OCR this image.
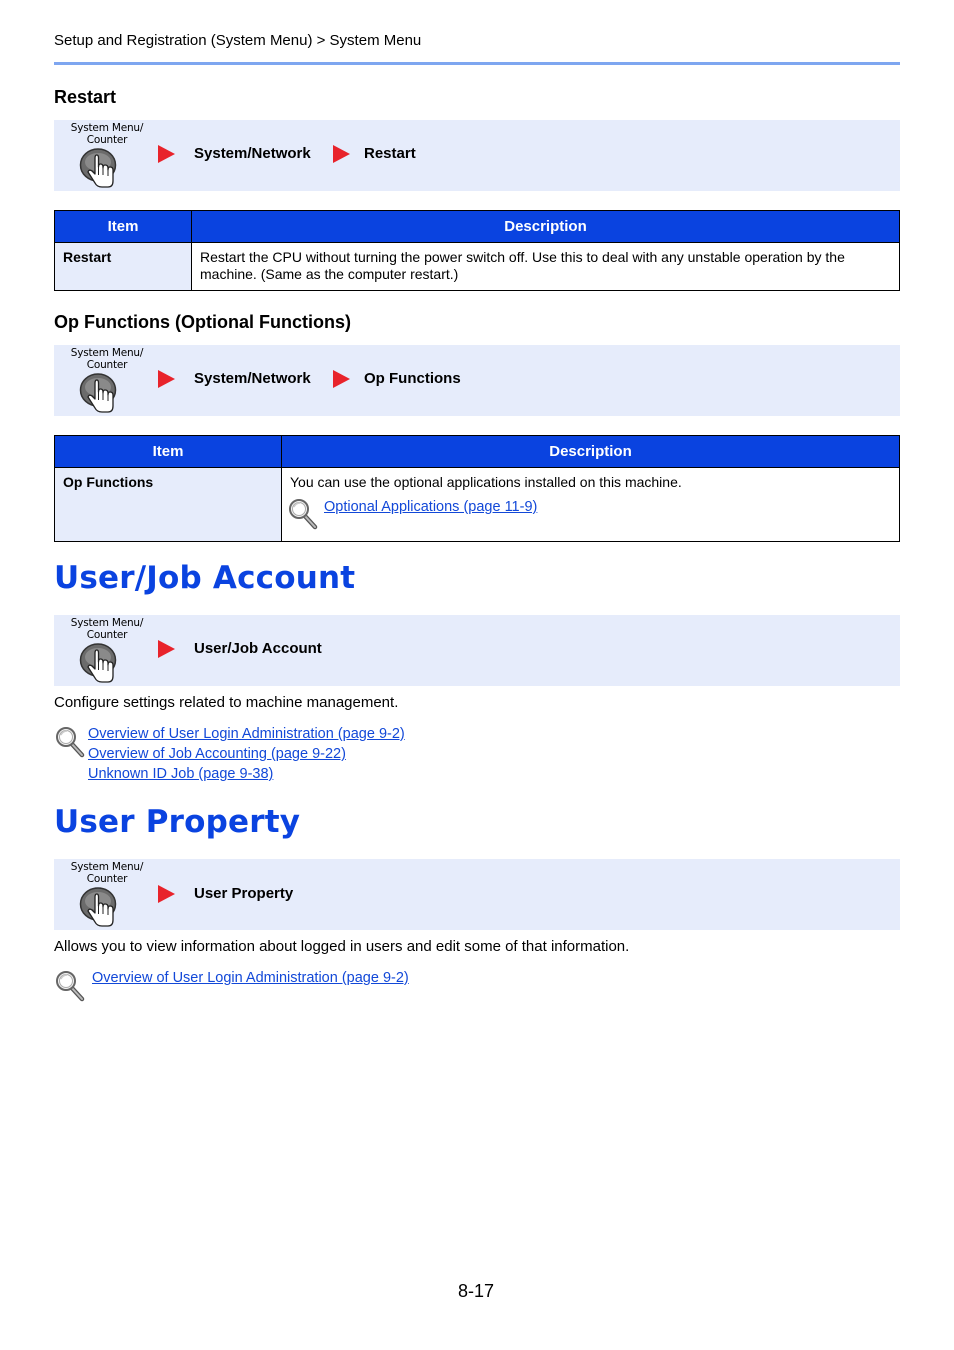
Setup and Registration (System Menu) > System Menu
Restart
System Menu/
Counter
System/Network	Restart
Item	Description
Restart	Restart the CPU without turning the power switch off. Use this to deal with any unstable operation by the machine. (Same as the computer restart.)
Op Functions (Optional Functions)
System Menu/
Counter
System/Network	Op Functions
Item	Description
Op Functions	You can use the optional applications installed on this machine.
Optional Applications (page 11-9)
User/Job Account
System Menu/
Counter
User/Job Account
Configure settings related to machine management.
Overview of User Login Administration (page 9-2)
Overview of Job Accounting (page 9-22)
Unknown ID Job (page 9-38)
User Property
System Menu/
Counter
User Property
Allows you to view information about logged in users and edit some of that information.
Overview of User Login Administration (page 9-2)
8-17
